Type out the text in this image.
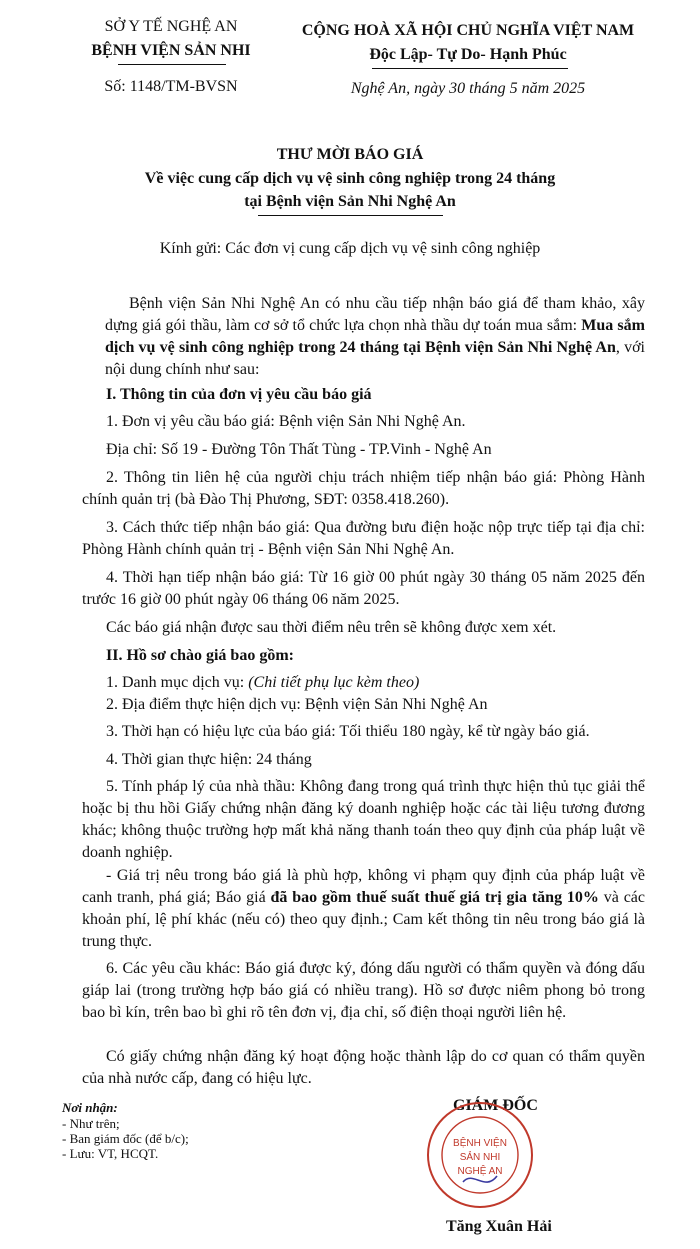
SỞ Y TẾ NGHỆ AN
BỆNH VIỆN SẢN NHI
Số: 1148/TM-BVSN
CỘNG HOÀ XÃ HỘI CHỦ NGHĨA VIỆT NAM
Độc Lập- Tự Do- Hạnh Phúc
Nghệ An, ngày 30 tháng 5 năm 2025
THƯ MỜI BÁO GIÁ
Về việc cung cấp dịch vụ vệ sinh công nghiệp trong 24 tháng
tại Bệnh viện Sản Nhi Nghệ An
Kính gửi: Các đơn vị cung cấp dịch vụ vệ sinh công nghiệp
Bệnh viện Sản Nhi Nghệ An có nhu cầu tiếp nhận báo giá để tham khảo, xây dựng giá gói thầu, làm cơ sở tổ chức lựa chọn nhà thầu dự toán mua sắm: Mua sắm dịch vụ vệ sinh công nghiệp trong 24 tháng tại Bệnh viện Sản Nhi Nghệ An, với nội dung chính như sau:
I. Thông tin của đơn vị yêu cầu báo giá
1. Đơn vị yêu cầu báo giá: Bệnh viện Sản Nhi Nghệ An.
Địa chỉ: Số 19 - Đường Tôn Thất Tùng - TP.Vinh - Nghệ An
2. Thông tin liên hệ của người chịu trách nhiệm tiếp nhận báo giá: Phòng Hành chính quản trị (bà Đào Thị Phương, SĐT: 0358.418.260).
3. Cách thức tiếp nhận báo giá: Qua đường bưu điện hoặc nộp trực tiếp tại địa chỉ: Phòng Hành chính quản trị - Bệnh viện Sản Nhi Nghệ An.
4. Thời hạn tiếp nhận báo giá: Từ 16 giờ 00 phút ngày 30 tháng 05 năm 2025 đến trước 16 giờ 00 phút ngày 06 tháng 06 năm 2025.
Các báo giá nhận được sau thời điểm nêu trên sẽ không được xem xét.
II. Hồ sơ chào giá bao gồm:
1. Danh mục dịch vụ: (Chi tiết phụ lục kèm theo)
2. Địa điểm thực hiện dịch vụ: Bệnh viện Sản Nhi Nghệ An
3. Thời hạn có hiệu lực của báo giá: Tối thiểu 180 ngày, kể từ ngày báo giá.
4. Thời gian thực hiện: 24 tháng
5. Tính pháp lý của nhà thầu: Không đang trong quá trình thực hiện thủ tục giải thể hoặc bị thu hồi Giấy chứng nhận đăng ký doanh nghiệp hoặc các tài liệu tương đương khác; không thuộc trường hợp mất khả năng thanh toán theo quy định của pháp luật về doanh nghiệp.
- Giá trị nêu trong báo giá là phù hợp, không vi phạm quy định của pháp luật về canh tranh, phá giá; Báo giá đã bao gồm thuế suất thuế giá trị gia tăng 10% và các khoản phí, lệ phí khác (nếu có) theo quy định.; Cam kết thông tin nêu trong báo giá là trung thực.
6. Các yêu cầu khác: Báo giá được ký, đóng dấu người có thẩm quyền và đóng dấu giáp lai (trong trường hợp báo giá có nhiều trang). Hồ sơ được niêm phong bỏ trong bao bì kín, trên bao bì ghi rõ tên đơn vị, địa chỉ, số điện thoại người liên hệ.
Có giấy chứng nhận đăng ký hoạt động hoặc thành lập do cơ quan có thẩm quyền của nhà nước cấp, đang có hiệu lực.
Nơi nhận:
- Như trên;
- Ban giám đốc (để b/c);
- Lưu: VT, HCQT.
GIÁM ĐỐC
BỆNH VIỆN
SẢN NHI
NGHỆ AN
Tăng Xuân Hải
